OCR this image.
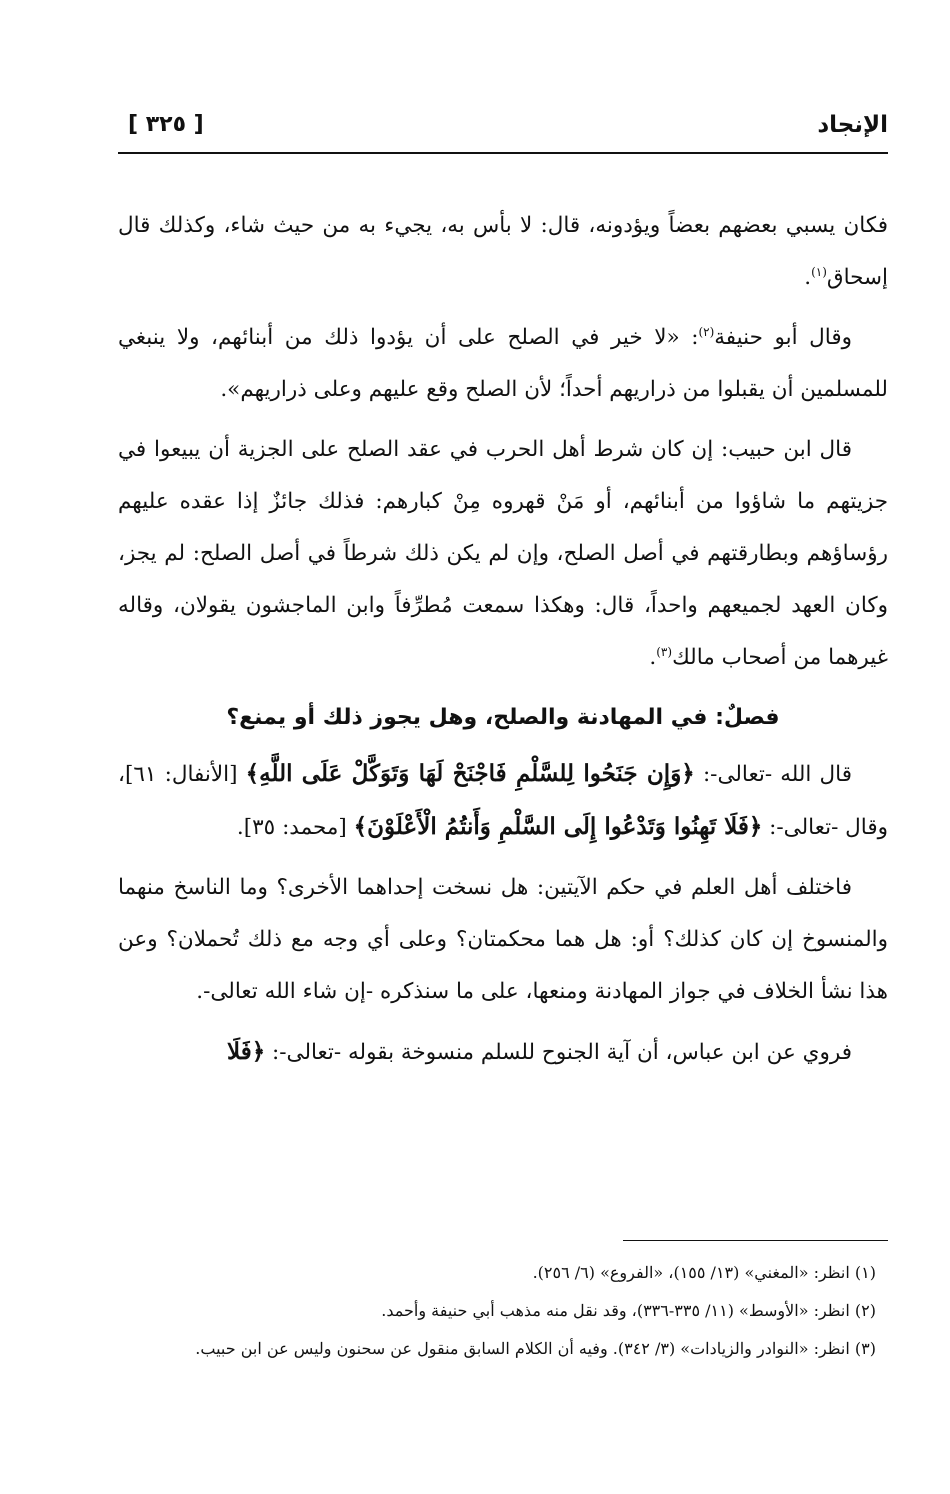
الإنجاد
[ ٣٢٥ ]

فكان يسبي بعضهم بعضاً ويؤدونه، قال: لا بأس به، يجيء به من حيث شاء، وكذلك قال إسحاق$^{(١)}$.

وقال أبو حنيفة$^{(٢)}$: «لا خير في الصلح على أن يؤدوا ذلك من أبنائهم، ولا ينبغي للمسلمين أن يقبلوا من ذراريهم أحداً؛ لأن الصلح وقع عليهم وعلى ذراريهم».

قال ابن حبيب: إن كان شرط أهل الحرب في عقد الصلح على الجزية أن يبيعوا في جزيتهم ما شاؤوا من أبنائهم، أو مَنْ قهروه مِنْ كبارهم: فذلك جائزٌ إذا عقده عليهم رؤساؤهم وبطارقتهم في أصل الصلح، وإن لم يكن ذلك شرطاً في أصل الصلح: لم يجز، وكان العهد لجميعهم واحداً، قال: وهكذا سمعت مُطرِّفاً وابن الماجشون يقولان، وقاله غيرهما من أصحاب مالك$^{(٣)}$.

فصلٌ: في المهادنة والصلح، وهل يجوز ذلك أو يمنع؟

قال الله -تعالى-: ﴿وَإِن جَنَحُوا لِلسَّلْمِ فَاجْنَحْ لَهَا وَتَوَكَّلْ عَلَى اللَّهِ﴾ [الأنفال: ٦١]، وقال -تعالى-: ﴿فَلَا تَهِنُوا وَتَدْعُوا إِلَى السَّلْمِ وَأَنتُمُ الْأَعْلَوْنَ﴾ [محمد: ٣٥].

فاختلف أهل العلم في حكم الآيتين: هل نسخت إحداهما الأخرى؟ وما الناسخ منهما والمنسوخ إن كان كذلك؟ أو: هل هما محكمتان؟ وعلى أي وجه مع ذلك تُحملان؟ وعن هذا نشأ الخلاف في جواز المهادنة ومنعها، على ما سنذكره -إن شاء الله تعالى-.

فروي عن ابن عباس، أن آية الجنوح للسلم منسوخة بقوله -تعالى-: ﴿فَلَا

(١) انظر: «المغني» (١٣/ ١٥٥)، «الفروع» (٦/ ٢٥٦).

(٢) انظر: «الأوسط» (١١/ ٣٣٥-٣٣٦)، وقد نقل منه مذهب أبي حنيفة وأحمد.

(٣) انظر: «النوادر والزيادات» (٣/ ٣٤٢). وفيه أن الكلام السابق منقول عن سحنون وليس عن ابن حبيب.
